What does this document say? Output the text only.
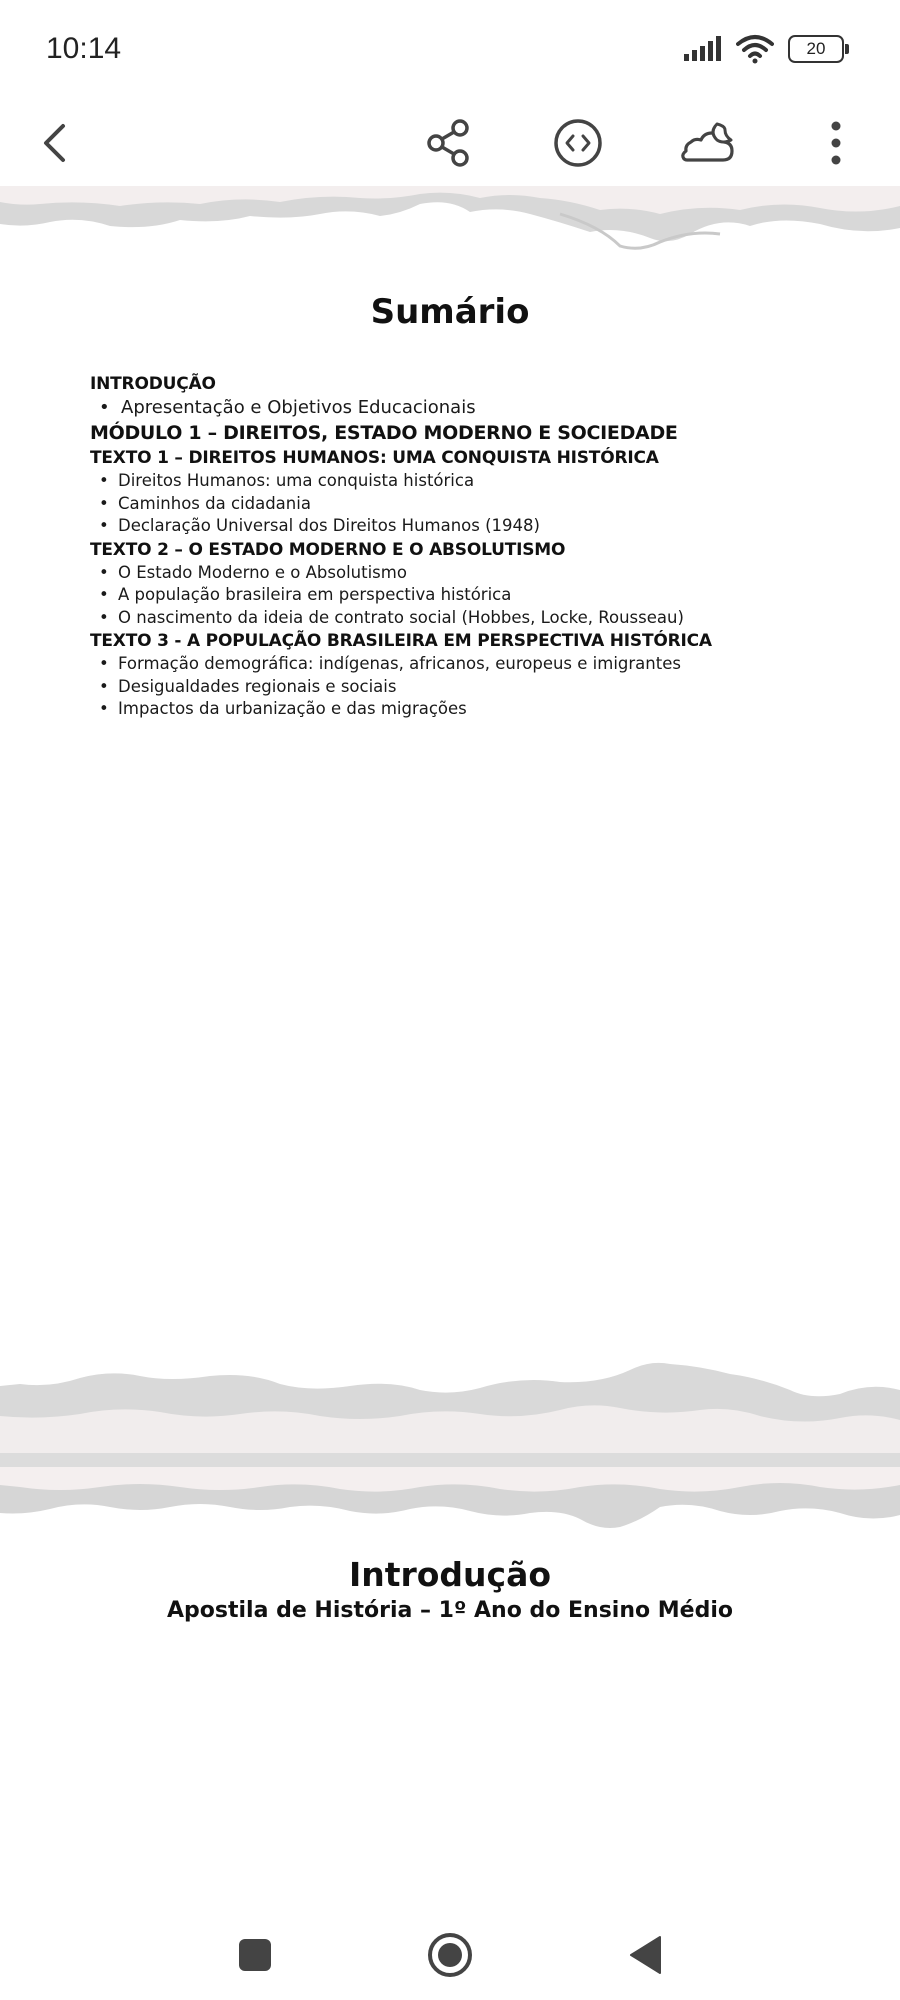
10:14	20
Sumário
INTRODUÇÃO
• Apresentação e Objetivos Educacionais
MÓDULO 1 – DIREITOS, ESTADO MODERNO E SOCIEDADE
TEXTO 1 – DIREITOS HUMANOS: UMA CONQUISTA HISTÓRICA
• Direitos Humanos: uma conquista histórica
• Caminhos da cidadania
• Declaração Universal dos Direitos Humanos (1948)
TEXTO 2 – O ESTADO MODERNO E O ABSOLUTISMO
• O Estado Moderno e o Absolutismo
• A população brasileira em perspectiva histórica
• O nascimento da ideia de contrato social (Hobbes, Locke, Rousseau)
TEXTO 3 - A POPULAÇÃO BRASILEIRA EM PERSPECTIVA HISTÓRICA
• Formação demográfica: indígenas, africanos, europeus e imigrantes
• Desigualdades regionais e sociais
• Impactos da urbanização e das migrações
Introdução
Apostila de História – 1º Ano do Ensino Médio
